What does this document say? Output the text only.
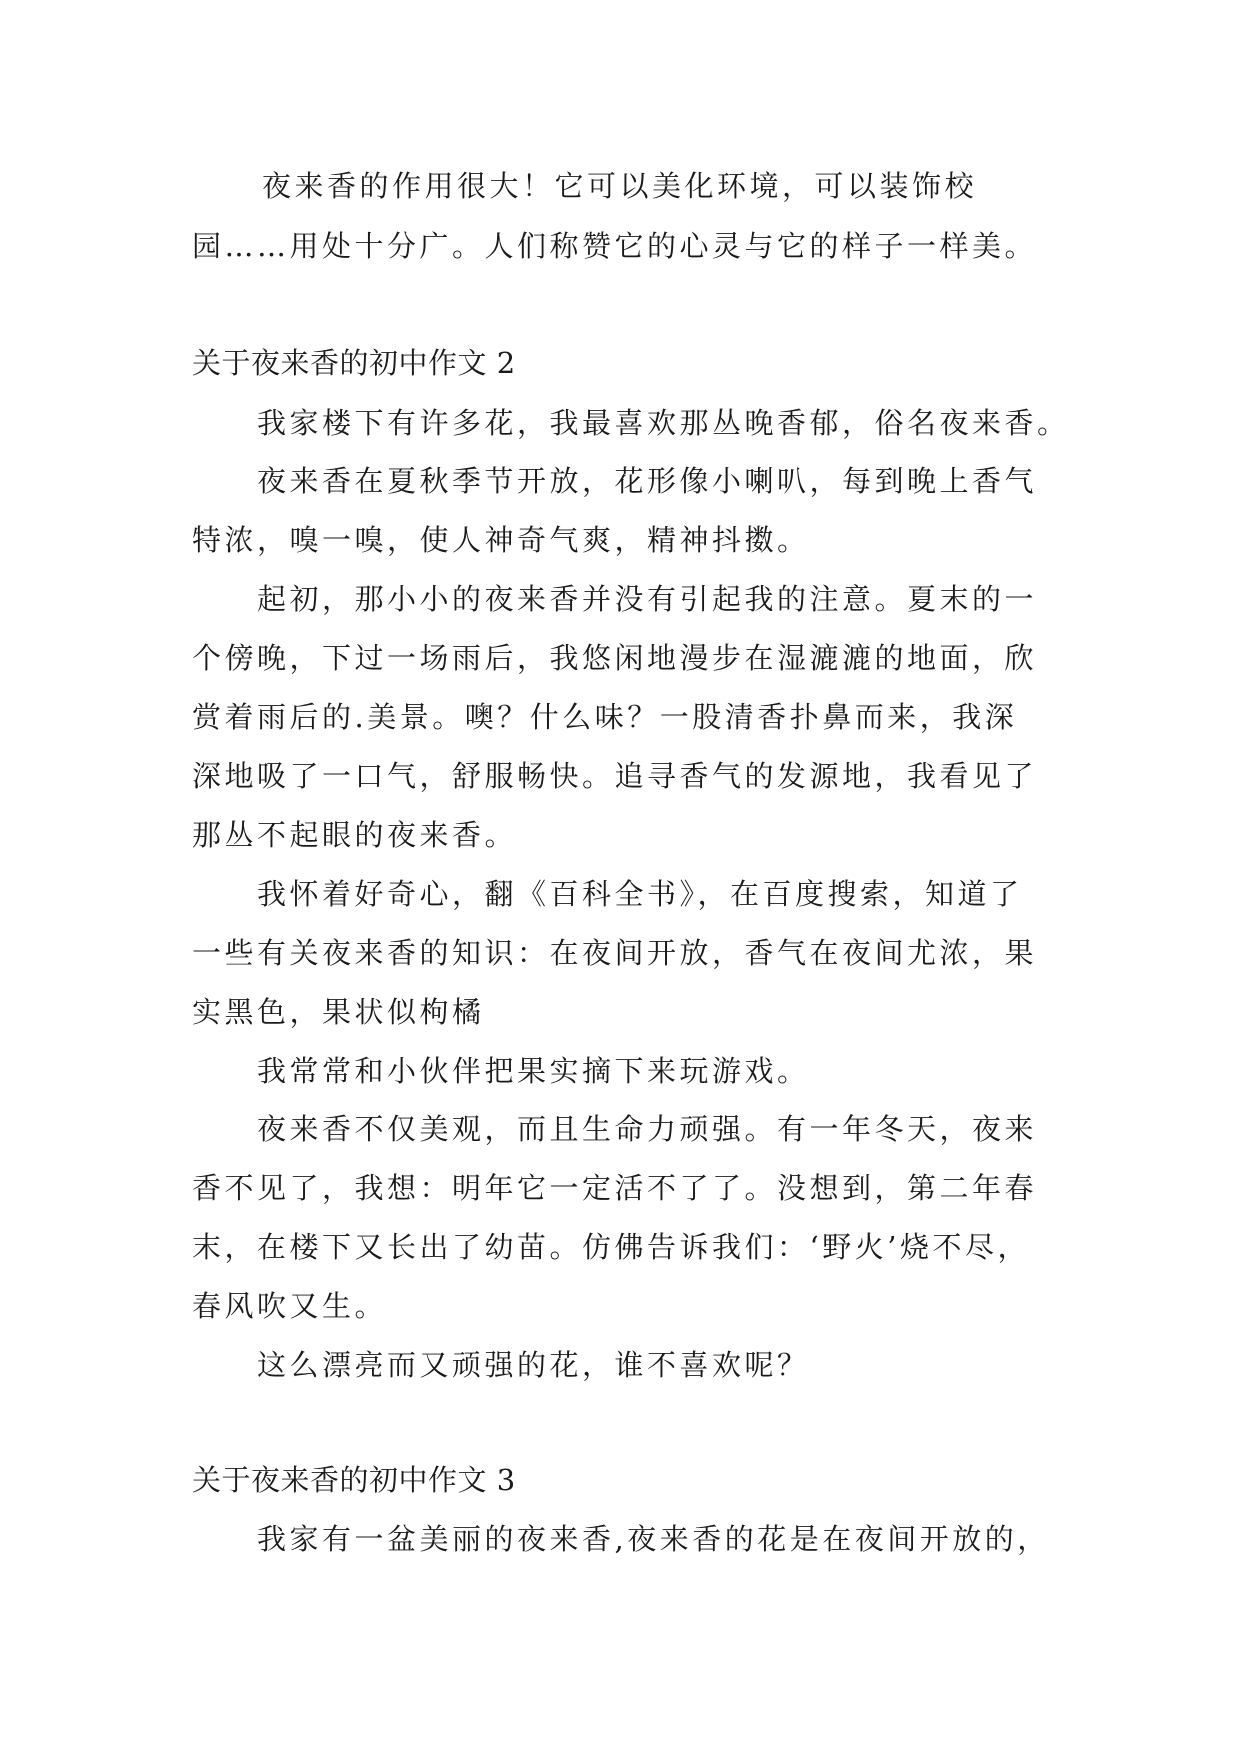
夜来香的作用很大！它可以美化环境，可以装饰校
园……用处十分广。人们称赞它的心灵与它的样子一样美。
关于夜来香的初中作文 2
我家楼下有许多花，我最喜欢那丛晚香郁，俗名夜来香。
夜来香在夏秋季节开放，花形像小喇叭，每到晚上香气
特浓，嗅一嗅，使人神奇气爽，精神抖擞。
起初，那小小的夜来香并没有引起我的注意。夏末的一
个傍晚，下过一场雨后，我悠闲地漫步在湿漉漉的地面，欣
赏着雨后的.美景。噢？什么味？一股清香扑鼻而来，我深
深地吸了一口气，舒服畅快。追寻香气的发源地，我看见了
那丛不起眼的夜来香。
我怀着好奇心，翻《百科全书》，在百度搜索，知道了
一些有关夜来香的知识：在夜间开放，香气在夜间尤浓，果
实黑色，果状似枸橘
我常常和小伙伴把果实摘下来玩游戏。
夜来香不仅美观，而且生命力顽强。有一年冬天，夜来
香不见了，我想：明年它一定活不了了。没想到，第二年春
末，在楼下又长出了幼苗。仿佛告诉我们：‘野火’烧不尽，
春风吹又生。
这么漂亮而又顽强的花，谁不喜欢呢？
关于夜来香的初中作文 3
我家有一盆美丽的夜来香,夜来香的花是在夜间开放的，
